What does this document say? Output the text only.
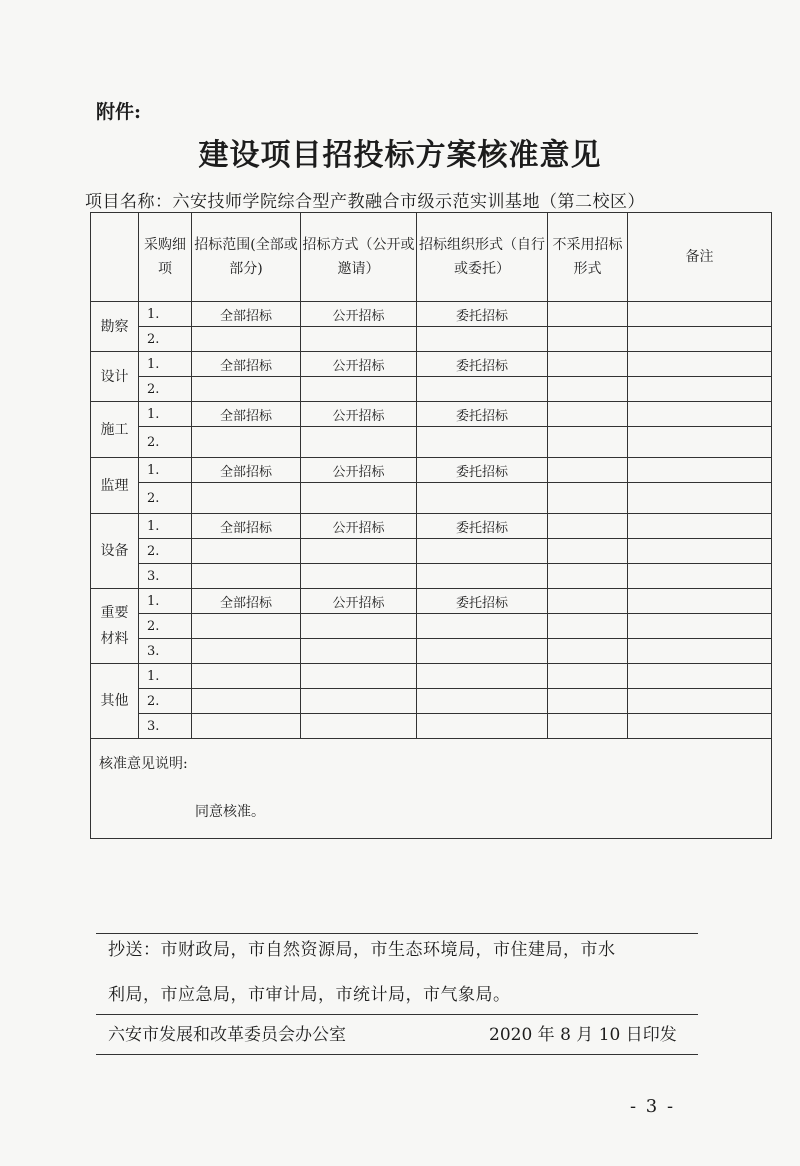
附件:
建设项目招投标方案核准意见
项目名称：六安技师学院综合型产教融合市级示范实训基地（第二校区）
	采购细项	招标范围(全部或部分)	招标方式（公开或邀请）	招标组织形式（自行或委托）	不采用招标形式	备注
勘察	1.	全部招标	公开招标	委托招标		
	2.					
设计	1.	全部招标	公开招标	委托招标		
	2.					
施工	1.	全部招标	公开招标	委托招标		
	2.					
监理	1.	全部招标	公开招标	委托招标		
	2.					
设备	1.	全部招标	公开招标	委托招标		
	2.					
	3.					
重要材料	1.	全部招标	公开招标	委托招标		
	2.					
	3.					
其他	1.					
	2.					
	3.					

核准意见说明:
同意核准。						
抄送：市财政局，市自然资源局，市生态环境局，市住建局，市水
利局，市应急局，市审计局，市统计局，市气象局。
六安市发展和改革委员会办公室	2020 年 8 月 10 日印发
- 3 -
